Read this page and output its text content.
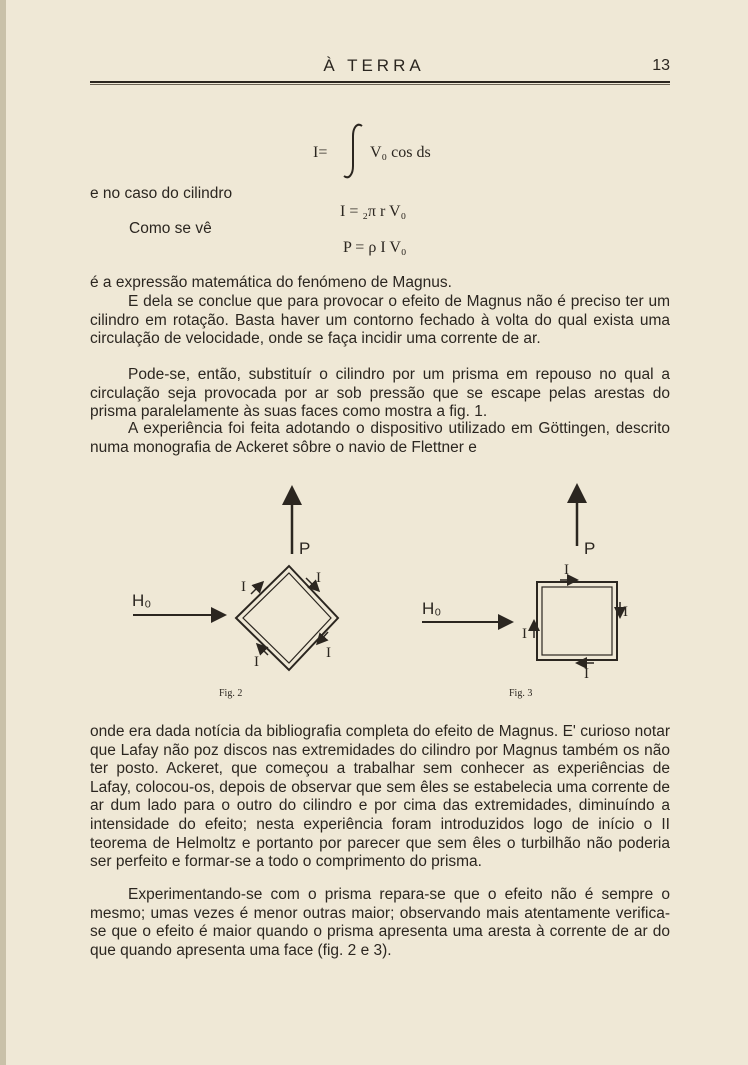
À TERRA	13
I=	V₀ cos ds
e no caso do cilindro
I = ₂π r V₀
Como se vê
P = ρ I V₀
é a expressão matemática do fenómeno de Magnus.
E dela se conclue que para provocar o efeito de Magnus não é preciso ter um cilindro em rotação. Basta haver um contorno fechado à volta do qual exista uma circulação de velocidade, onde se faça incidir uma corrente de ar.
Pode-se, então, substituír o cilindro por um prisma em repouso no qual a circulação seja provocada por ar sob pressão que se escape pelas arestas do prisma paralelamente às suas faces como mostra a fig. 1.
A experiência foi feita adotando o dispositivo utilizado em Göttingen, descrito numa monografia de Ackeret sôbre o navio de Flettner e
P
H₀
I
I
I
I
Fig. 2
P
H₀
I
I
I
I
Fig. 3
onde era dada notícia da bibliografia completa do efeito de Magnus. E' curioso notar que Lafay não poz discos nas extremidades do cilindro por Magnus também os não ter posto. Ackeret, que começou a trabalhar sem conhecer as experiências de Lafay, colocou-os, depois de observar que sem êles se estabelecia uma corrente de ar dum lado para o outro do cilindro e por cima das extremidades, diminuíndo a intensidade do efeito; nesta experiência foram introduzidos logo de início o II teorema de Helmoltz e portanto por parecer que sem êles o turbilhão não poderia ser perfeito e formar-se a todo o comprimento do prisma.
Experimentando-se com o prisma repara-se que o efeito não é sempre o mesmo; umas vezes é menor outras maior; observando mais atentamente verifica-se que o efeito é maior quando o prisma apresenta uma aresta à corrente de ar do que quando apresenta uma face (fig. 2 e 3).
